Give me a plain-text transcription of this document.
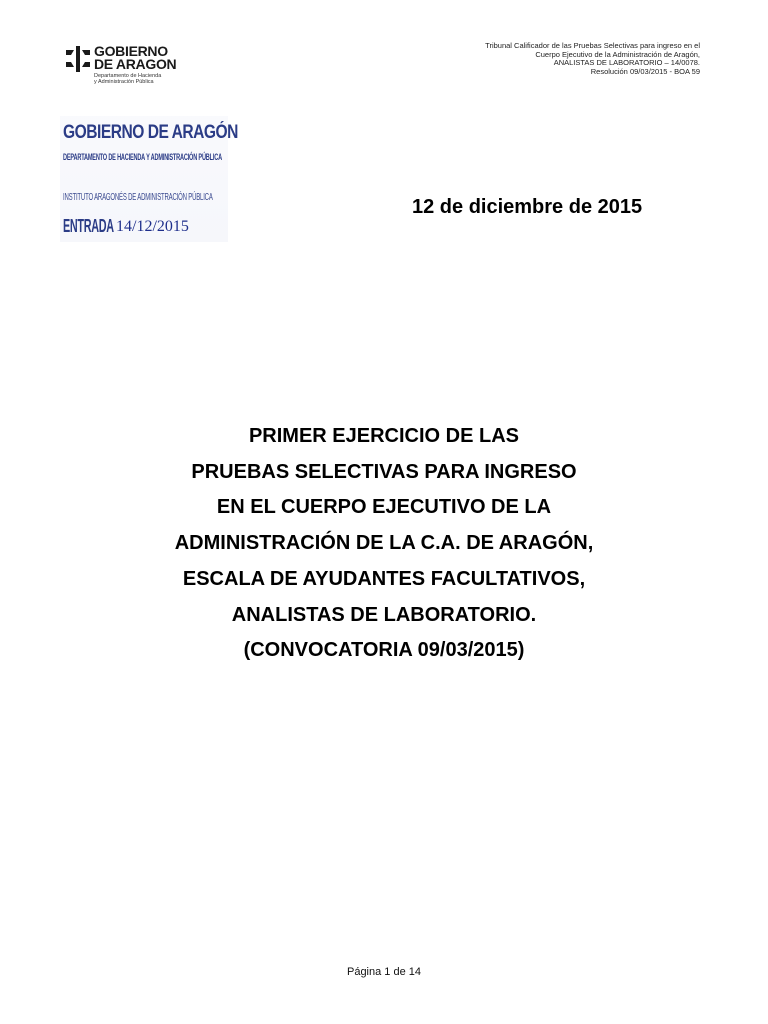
GOBIERNO
DE ARAGON
Departamento de Hacienda
y Administración Pública
Tribunal Calificador de las Pruebas Selectivas para ingreso en el
Cuerpo Ejecutivo de la Administración de Aragón,
ANALISTAS DE LABORATORIO – 14/0078.
Resolución 09/03/2015 - BOA 59
GOBIERNO DE ARAGÓN
DEPARTAMENTO DE HACIENDA Y ADMINISTRACIÓN PÚBLICA
INSTITUTO ARAGONÉS DE ADMINISTRACIÓN PÚBLICA
ENTRADA 14/12/2015
12 de diciembre de 2015
PRIMER EJERCICIO DE LAS
PRUEBAS SELECTIVAS PARA INGRESO
EN EL CUERPO EJECUTIVO DE LA
ADMINISTRACIÓN DE LA C.A. DE ARAGÓN,
ESCALA DE AYUDANTES FACULTATIVOS,
ANALISTAS DE LABORATORIO.
(CONVOCATORIA 09/03/2015)
Página 1 de 14
